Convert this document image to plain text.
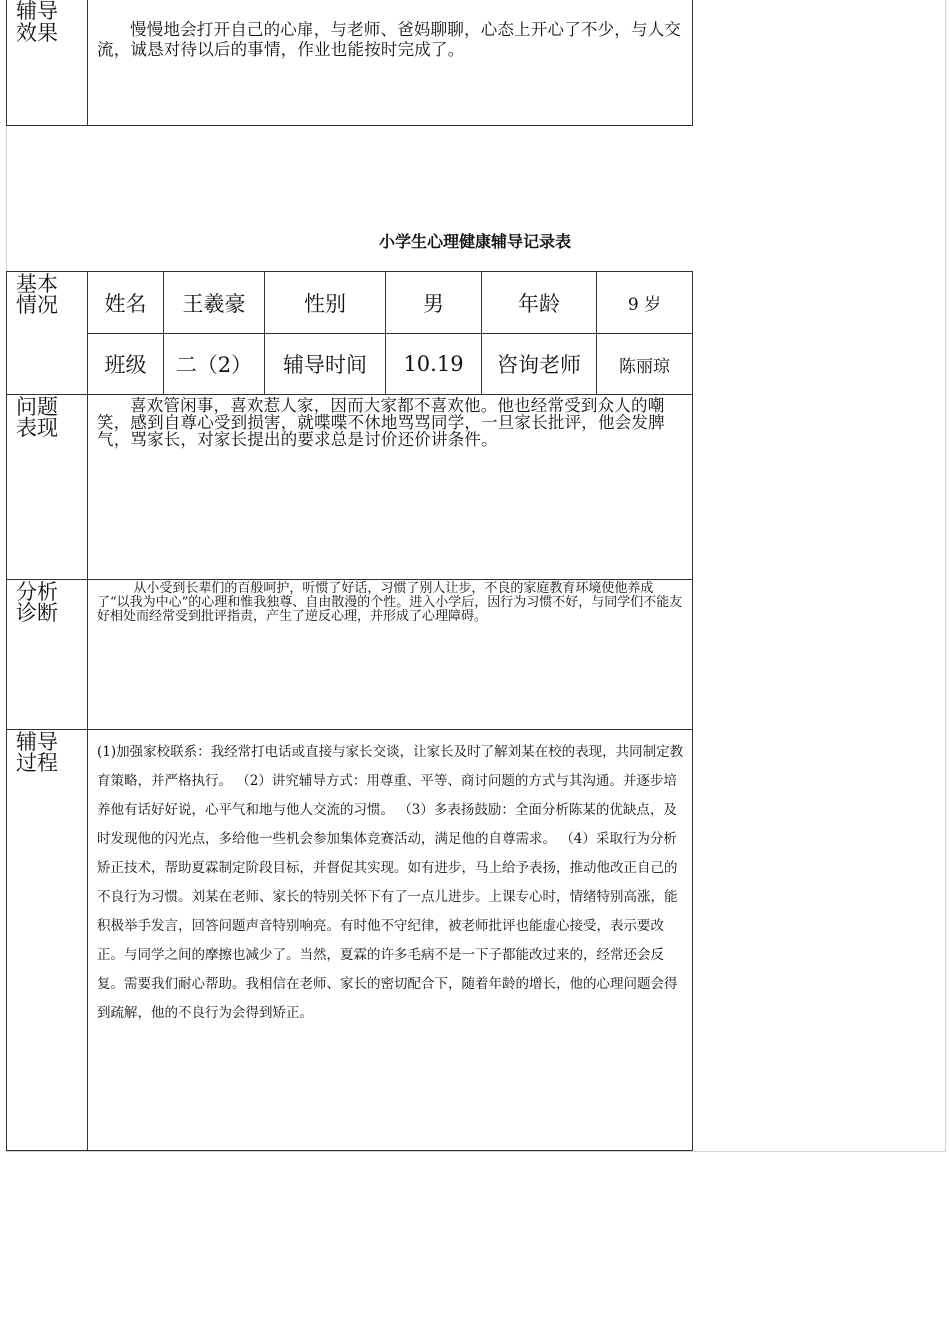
辅导
效果	慢慢地会打开自己的心扉，与老师、爸妈聊聊，心态上开心了不少，与人交流，诚恳对待以后的事情，作业也能按时完成了。
小学生心理健康辅导记录表
基本
情况	姓名	王羲豪	性别	男	年龄	9 岁
	班级	二（2）	辅导时间	10.19	咨询老师	陈丽琼
问题
表现	喜欢管闲事，喜欢惹人家，因而大家都不喜欢他。他也经常受到众人的嘲笑，感到自尊心受到损害，就喋喋不休地骂骂同学，一旦家长批评，他会发脾气，骂家长，对家长提出的要求总是讨价还价讲条件。					
分析
诊断	从小受到长辈们的百般呵护，听惯了好话，习惯了别人让步，不良的家庭教育环境使他养成了“以我为中心”的心理和惟我独尊、自由散漫的个性。进入小学后，因行为习惯不好，与同学们不能友好相处而经常受到批评指责，产生了逆反心理，并形成了心理障碍。					
辅导
过程	(1)加强家校联系：我经常打电话或直接与家长交谈，让家长及时了解刘某在校的表现，共同制定教育策略，并严格执行。 （2）讲究辅导方式：用尊重、平等、商讨问题的方式与其沟通。并逐步培养他有话好好说，心平气和地与他人交流的习惯。 （3）多表扬鼓励：全面分析陈某的优缺点，及时发现他的闪光点，多给他一些机会参加集体竞赛活动，满足他的自尊需求。 （4）采取行为分析矫正技术，帮助夏霖制定阶段目标，并督促其实现。如有进步，马上给予表扬，推动他改正自己的不良行为习惯。刘某在老师、家长的特别关怀下有了一点儿进步。上课专心时，情绪特别高涨，能积极举手发言，回答问题声音特别响亮。有时他不守纪律，被老师批评也能虚心接受，表示要改正。与同学之间的摩擦也减少了。当然，夏霖的许多毛病不是一下子都能改过来的，经常还会反复。需要我们耐心帮助。我相信在老师、家长的密切配合下，随着年龄的增长，他的心理问题会得到疏解，他的不良行为会得到矫正。					
